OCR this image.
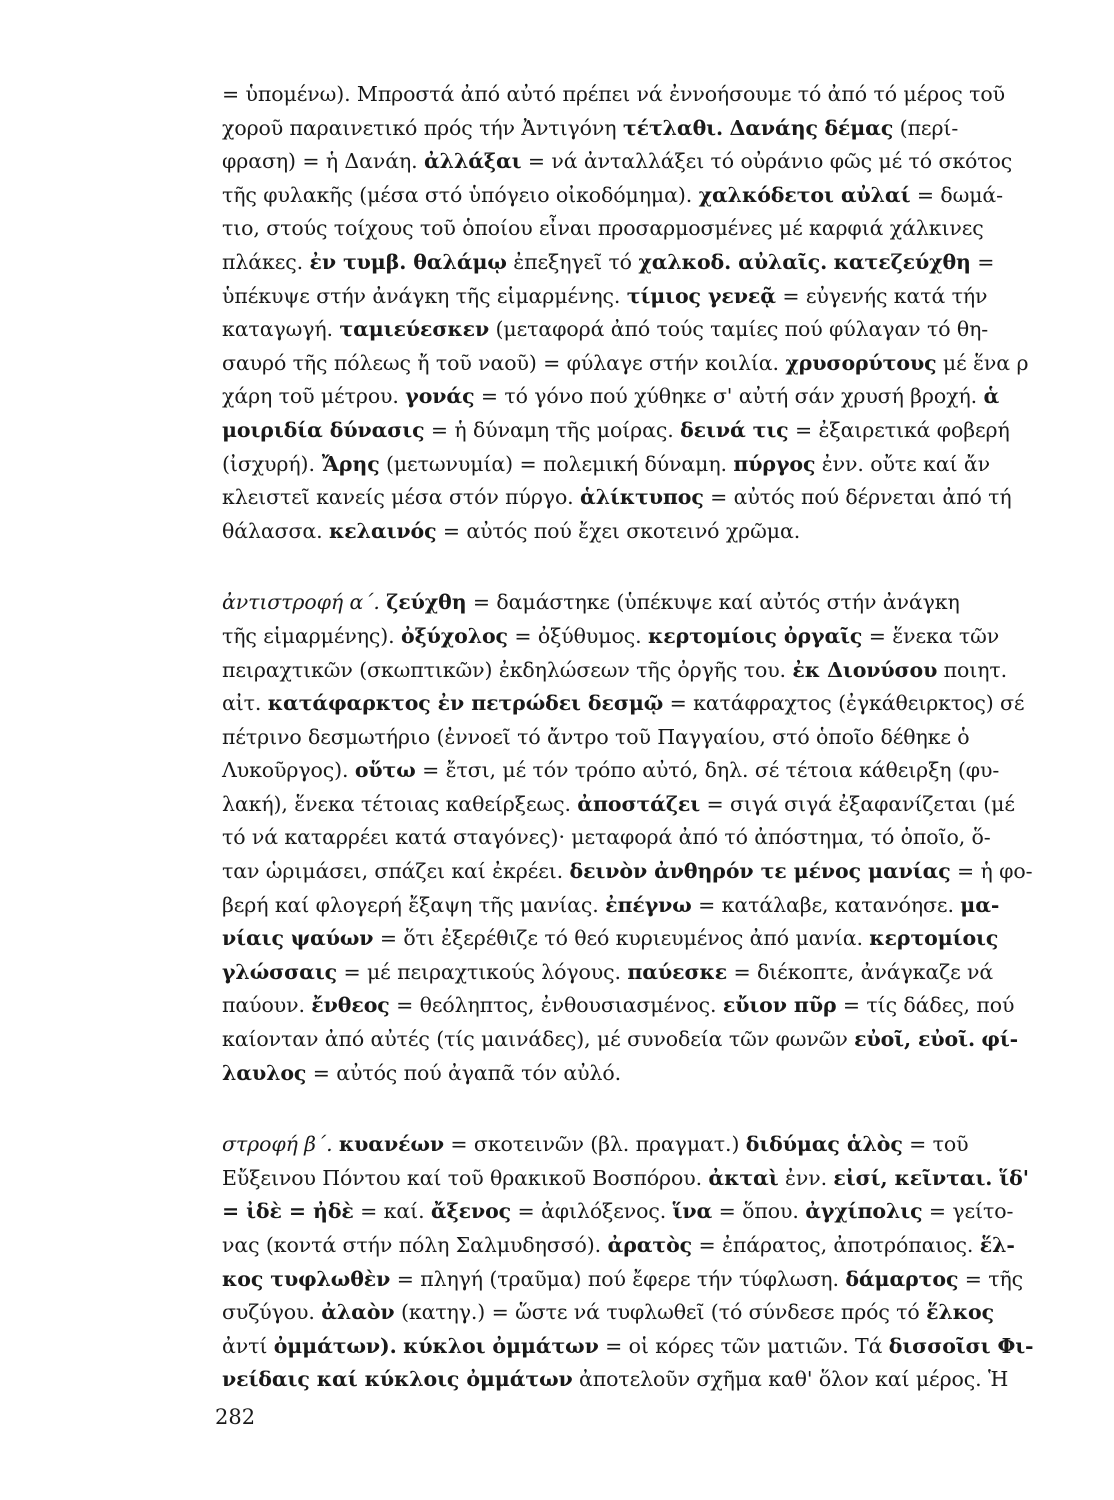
= ὑπομένω). Μπροστά ἀπό αὐτό πρέπει νά ἐννοήσουμε τό ἀπό τό μέρος τοῦ

χοροῦ παραινετικό πρός τήν Ἀντιγόνη τέτλαθι. Δανάης δέμας (περί-

φραση) = ἡ Δανάη. ἀλλάξαι = νά ἀνταλλάξει τό οὐράνιο φῶς μέ τό σκότος

τῆς φυλακῆς (μέσα στό ὑπόγειο οἰκοδόμημα). χαλκόδετοι αὐλαί = δωμά-

τιο, στούς τοίχους τοῦ ὁποίου εἶναι προσαρμοσμένες μέ καρφιά χάλκινες

πλάκες. ἐν τυμβ. θαλάμῳ ἐπεξηγεῖ τό χαλκοδ. αὐλαῖς. κατεζεύχθη =

ὑπέκυψε στήν ἀνάγκη τῆς εἱμαρμένης. τίμιος γενεᾷ = εὐγενής κατά τήν

καταγωγή. ταμιεύεσκεν (μεταφορά ἀπό τούς ταμίες πού φύλαγαν τό θη-

σαυρό τῆς πόλεως ἤ τοῦ ναοῦ) = φύλαγε στήν κοιλία. χρυσορύτους μέ ἕνα ρ

χάρη τοῦ μέτρου. γονάς = τό γόνο πού χύθηκε σ' αὐτή σάν χρυσή βροχή. ἁ

μοιριδία δύνασις = ἡ δύναμη τῆς μοίρας. δεινά τις = ἐξαιρετικά φοβερή

(ἰσχυρή). Ἄρης (μετωνυμία) = πολεμική δύναμη. πύργος ἐνν. οὔτε καί ἄν

κλειστεῖ κανείς μέσα στόν πύργο. ἁλίκτυπος = αὐτός πού δέρνεται ἀπό τή

θάλασσα. κελαινός = αὐτός πού ἔχει σκοτεινό χρῶμα.

ἀντιστροφή α΄. ζεύχθη = δαμάστηκε (ὑπέκυψε καί αὐτός στήν ἀνάγκη

τῆς εἱμαρμένης). ὀξύχολος = ὀξύθυμος. κερτομίοις ὀργαῖς = ἕνεκα τῶν

πειραχτικῶν (σκωπτικῶν) ἐκδηλώσεων τῆς ὀργῆς του. ἐκ Διονύσου ποιητ.

αἰτ. κατάφαρκτος ἐν πετρώδει δεσμῷ = κατάφραχτος (ἐγκάθειρκτος) σέ

πέτρινο δεσμωτήριο (ἐννοεῖ τό ἄντρο τοῦ Παγγαίου, στό ὁποῖο δέθηκε ὁ

Λυκοῦργος). οὕτω = ἔτσι, μέ τόν τρόπο αὐτό, δηλ. σέ τέτοια κάθειρξη (φυ-

λακή), ἕνεκα τέτοιας καθείρξεως. ἀποστάζει = σιγά σιγά ἐξαφανίζεται (μέ

τό νά καταρρέει κατά σταγόνες)· μεταφορά ἀπό τό ἀπόστημα, τό ὁποῖο, ὅ-

ταν ὡριμάσει, σπάζει καί ἐκρέει. δεινὸν ἀνθηρόν τε μένος μανίας = ἡ φο-

βερή καί φλογερή ἔξαψη τῆς μανίας. ἐπέγνω = κατάλαβε, κατανόησε. μα-

νίαις ψαύων = ὅτι ἐξερέθιζε τό θεό κυριευμένος ἀπό μανία. κερτομίοις

γλώσσαις = μέ πειραχτικούς λόγους. παύεσκε = διέκοπτε, ἀνάγκαζε νά

παύουν. ἔνθεος = θεόληπτος, ἐνθουσιασμένος. εὔιον πῦρ = τίς δάδες, πού

καίονταν ἀπό αὐτές (τίς μαινάδες), μέ συνοδεία τῶν φωνῶν εὐοῖ, εὐοῖ. φί-

λαυλος = αὐτός πού ἀγαπᾶ τόν αὐλό.

στροφή β΄. κυανέων = σκοτεινῶν (βλ. πραγματ.) διδύμας ἁλὸς = τοῦ

Εὔξεινου Πόντου καί τοῦ θρακικοῦ Βοσπόρου. ἀκταὶ ἐνν. εἰσί, κεῖνται. ἵδ'

= ἰδὲ = ἠδὲ = καί. ἄξενος = ἀφιλόξενος. ἵνα = ὅπου. ἀγχίπολις = γείτο-

νας (κοντά στήν πόλη Σαλμυδησσό). ἀρατὸς = ἐπάρατος, ἀποτρόπαιος. ἕλ-

κος τυφλωθὲν = πληγή (τραῦμα) πού ἔφερε τήν τύφλωση. δάμαρτος = τῆς

συζύγου. ἀλαὸν (κατηγ.) = ὥστε νά τυφλωθεῖ (τό σύνδεσε πρός τό ἕλκος

ἀντί ὀμμάτων). κύκλοι ὀμμάτων = οἱ κόρες τῶν ματιῶν. Τά δισσοῖσι Φι-

νείδαις καί κύκλοις ὀμμάτων ἀποτελοῦν σχῆμα καθ' ὅλον καί μέρος. Ἡ

282
